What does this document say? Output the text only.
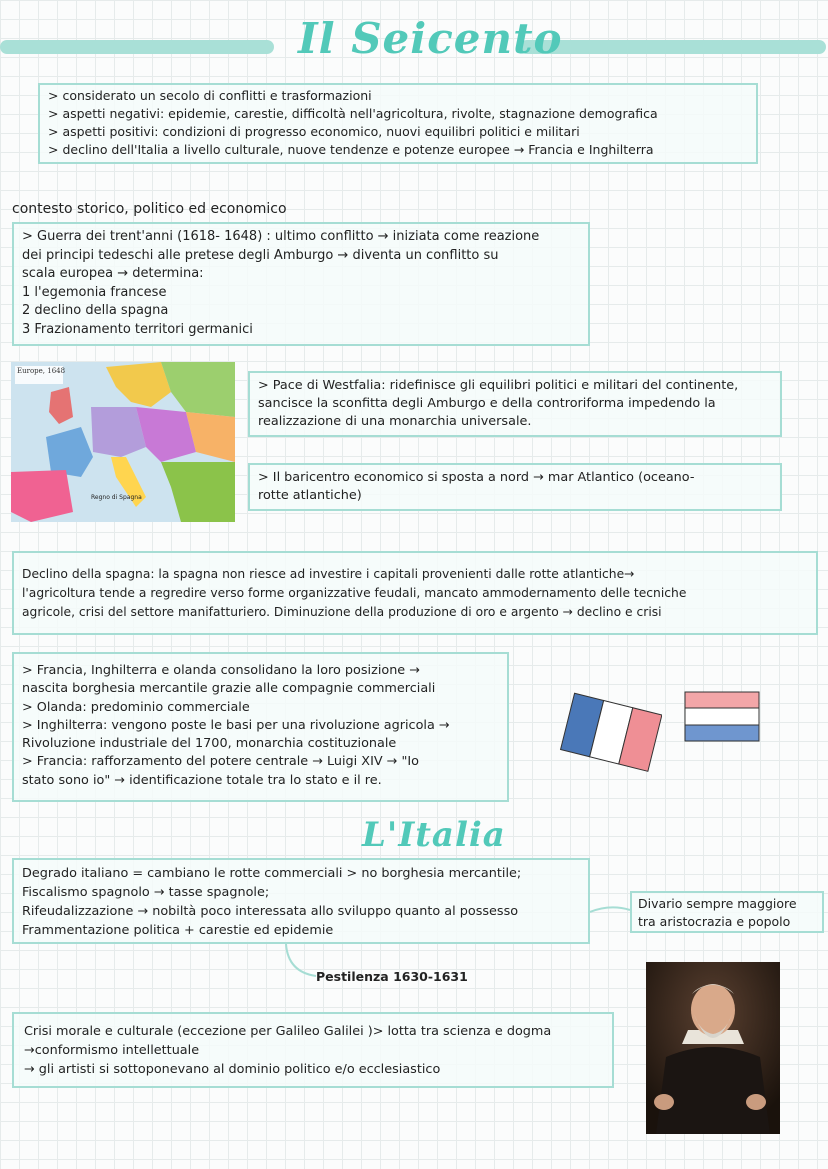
Il Seicento

> considerato un secolo di conflitti e trasformazioni

> aspetti negativi: epidemie, carestie, difficoltà nell'agricoltura, rivolte, stagnazione demografica

> aspetti positivi: condizioni di progresso economico, nuovi equilibri politici e militari

> declino dell'Italia a livello culturale, nuove tendenze e potenze europee → Francia e Inghilterra

contesto storico, politico ed economico

> Guerra dei trent'anni (1618- 1648) : ultimo conflitto → iniziata come reazione

dei principi tedeschi alle pretese degli Amburgo → diventa un conflitto su

scala europea → determina:

1 l'egemonia francese

2 declino della spagna

3 Frazionamento territori germanici

Europe, 1648
Regno di Spagna

> Pace di Westfalia: ridefinisce gli equilibri politici e militari del continente,

sancisce la sconfitta degli Amburgo e della controriforma impedendo la

realizzazione di una monarchia universale.

> Il baricentro economico si sposta a nord → mar Atlantico (oceano-

rotte atlantiche)

Declino della spagna: la spagna non riesce ad investire i capitali provenienti dalle rotte atlantiche→

l'agricoltura tende a regredire verso forme organizzative feudali, mancato ammodernamento delle tecniche

agricole, crisi del settore manifatturiero. Diminuzione della produzione di oro e argento → declino e crisi

> Francia, Inghilterra e olanda consolidano la loro posizione →

nascita borghesia mercantile grazie alle compagnie commerciali

> Olanda: predominio commerciale

> Inghilterra: vengono poste le basi per una rivoluzione agricola →

Rivoluzione industriale del 1700, monarchia costituzionale

> Francia: rafforzamento del potere centrale → Luigi XIV → "Io

stato sono io" → identificazione totale tra lo stato e il re.

L'Italia

Degrado italiano = cambiano le rotte commerciali > no borghesia mercantile;

Fiscalismo spagnolo → tasse spagnole;

Rifeudalizzazione → nobiltà poco interessata allo sviluppo quanto al possesso

Frammentazione politica + carestie ed epidemie

Divario sempre maggiore

tra aristocrazia e popolo

Pestilenza 1630-1631

Crisi morale e culturale (eccezione per Galileo Galilei )> lotta tra scienza e dogma

→conformismo intellettuale

→ gli artisti si sottoponevano al dominio politico e/o ecclesiastico
